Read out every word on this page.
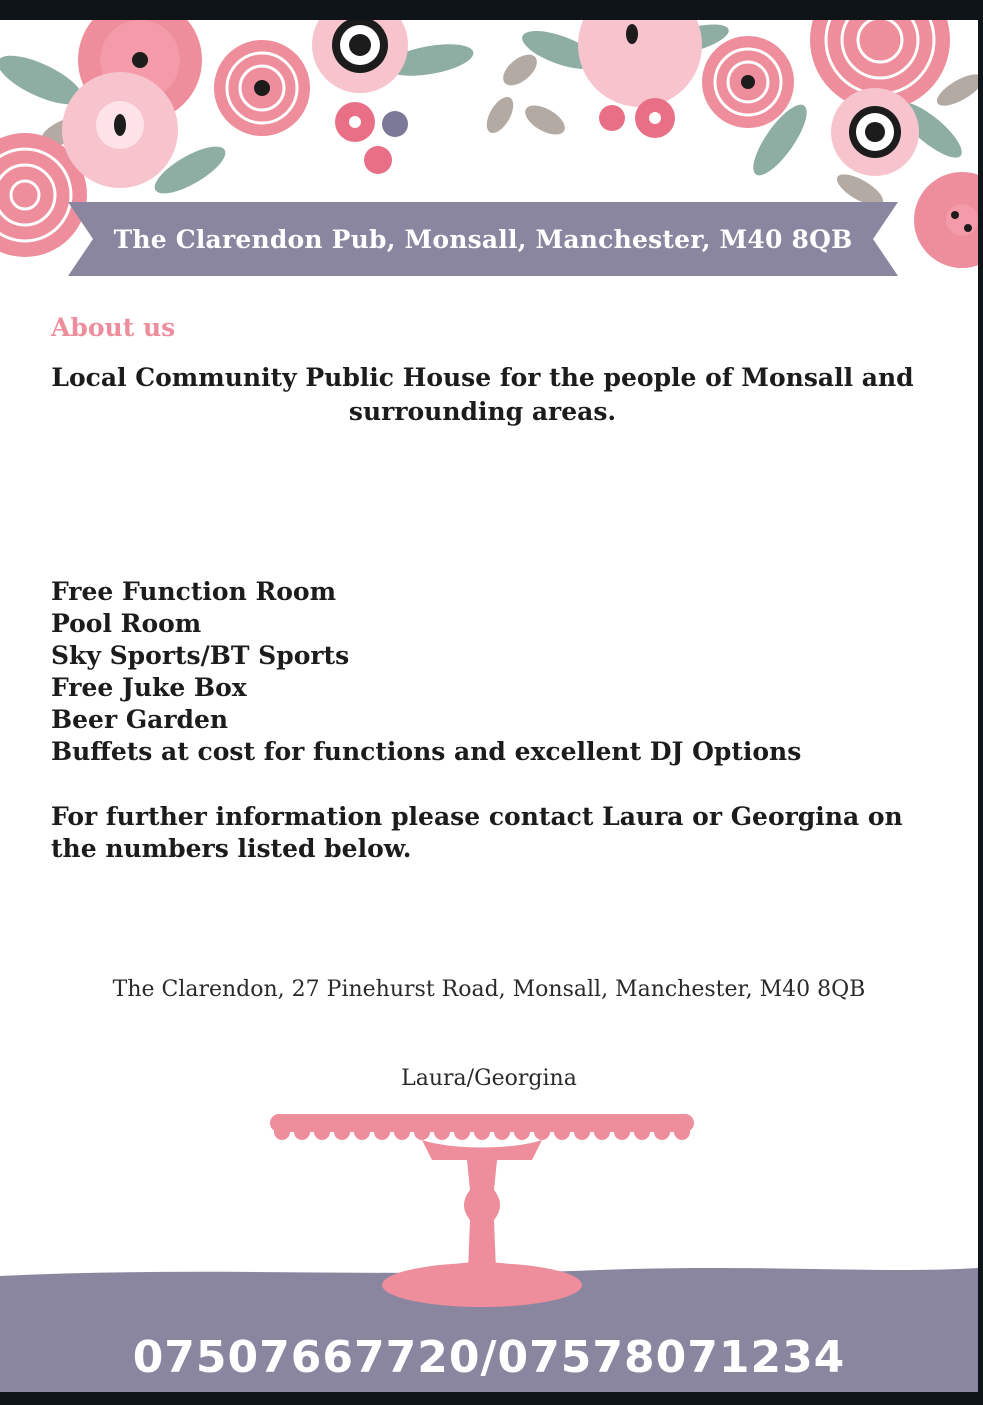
The Clarendon Pub, Monsall, Manchester, M40 8QB
About us
Local Community Public House for the people of Monsall and surrounding areas.
Free Function Room
Pool Room
Sky Sports/BT Sports
Free Juke Box
Beer Garden
Buffets at cost for functions and excellent DJ Options
For further information please contact Laura or Georgina on the numbers listed below.
The Clarendon, 27 Pinehurst Road, Monsall, Manchester, M40 8QB
Laura/Georgina
07507667720/07578071234
